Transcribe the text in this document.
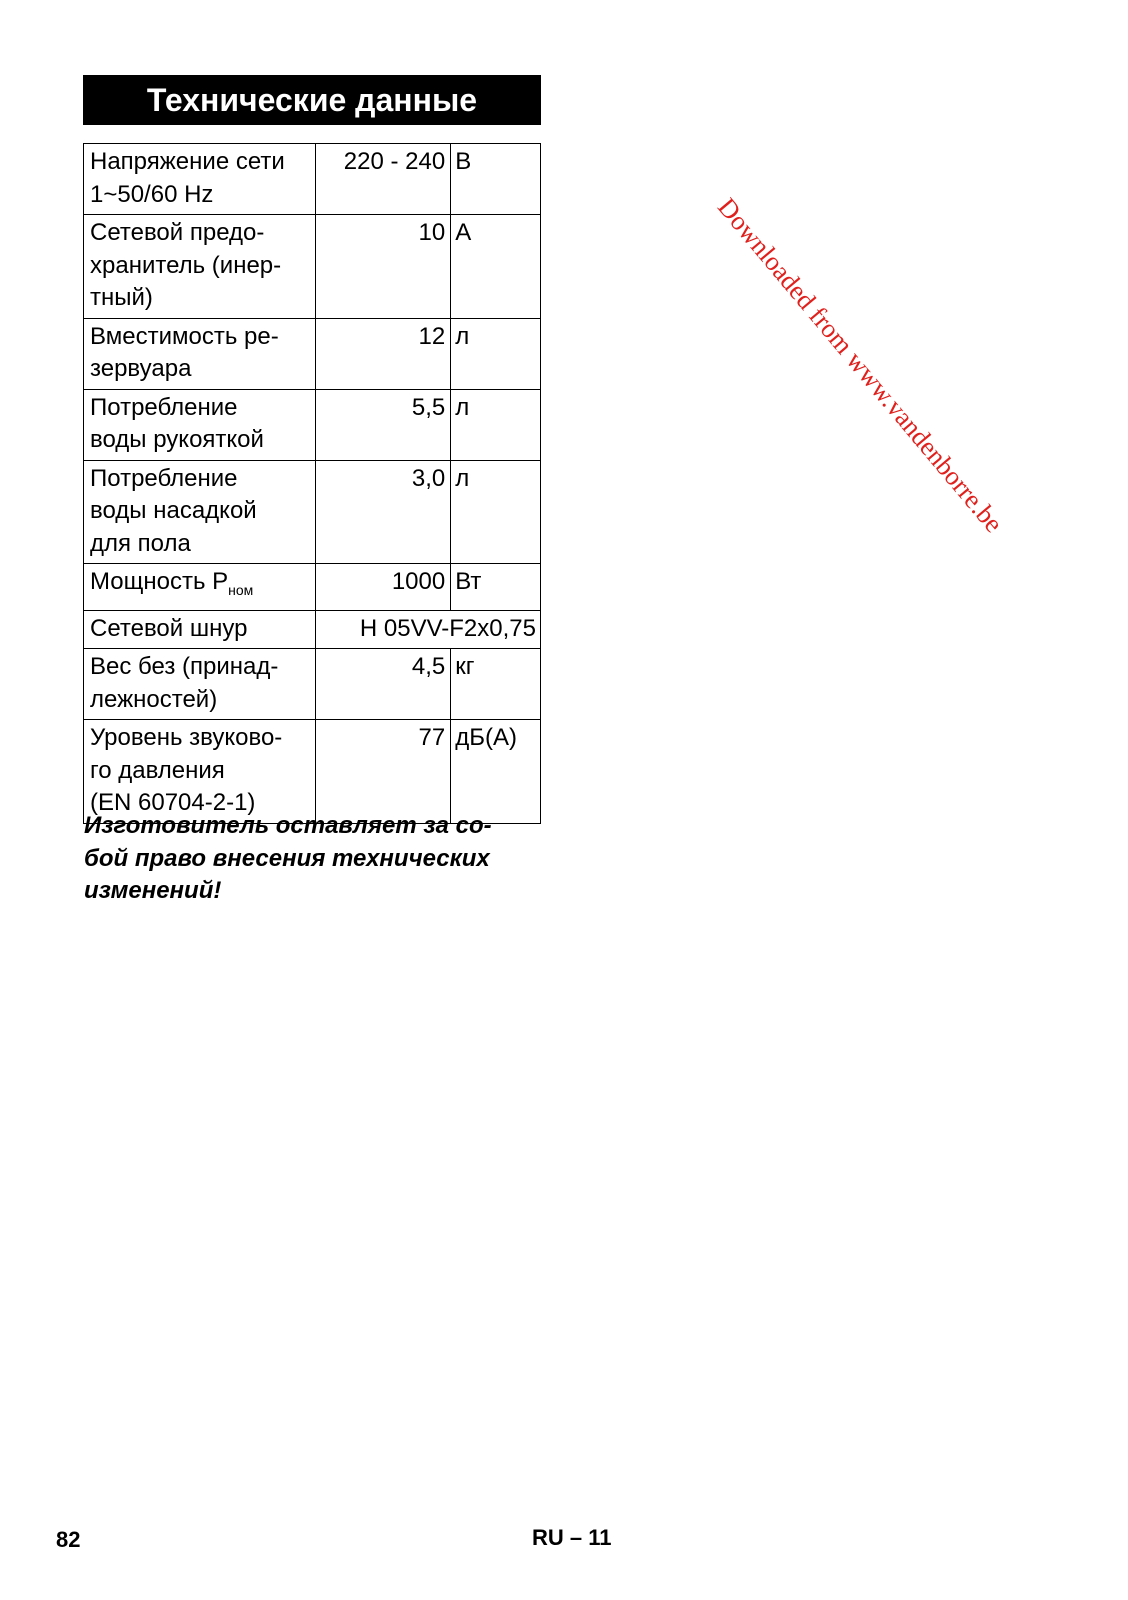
Downloaded from www.vandenborre.be
Технические данные
Напряжение сети
1~50/60 Hz	220 - 240	В
Сетевой предо-
хранитель (инер-
тный)	10	А
Вместимость ре-
зервуара	12	л
Потребление
воды рукояткой	5,5	л
Потребление
воды насадкой
для пола	3,0	л
Мощность $P_{ном}$	1000	Вт
Сетевой шнур	H 05VV-F2x0,75	
Вес без (принад-
лежностей)	4,5	кг
Уровень звуково-
го давления
(EN 60704-2-1)	77	дБ(A)

Изготовитель оставляет за со-
бой право внесения технических
изменений!

82	RU – 11
